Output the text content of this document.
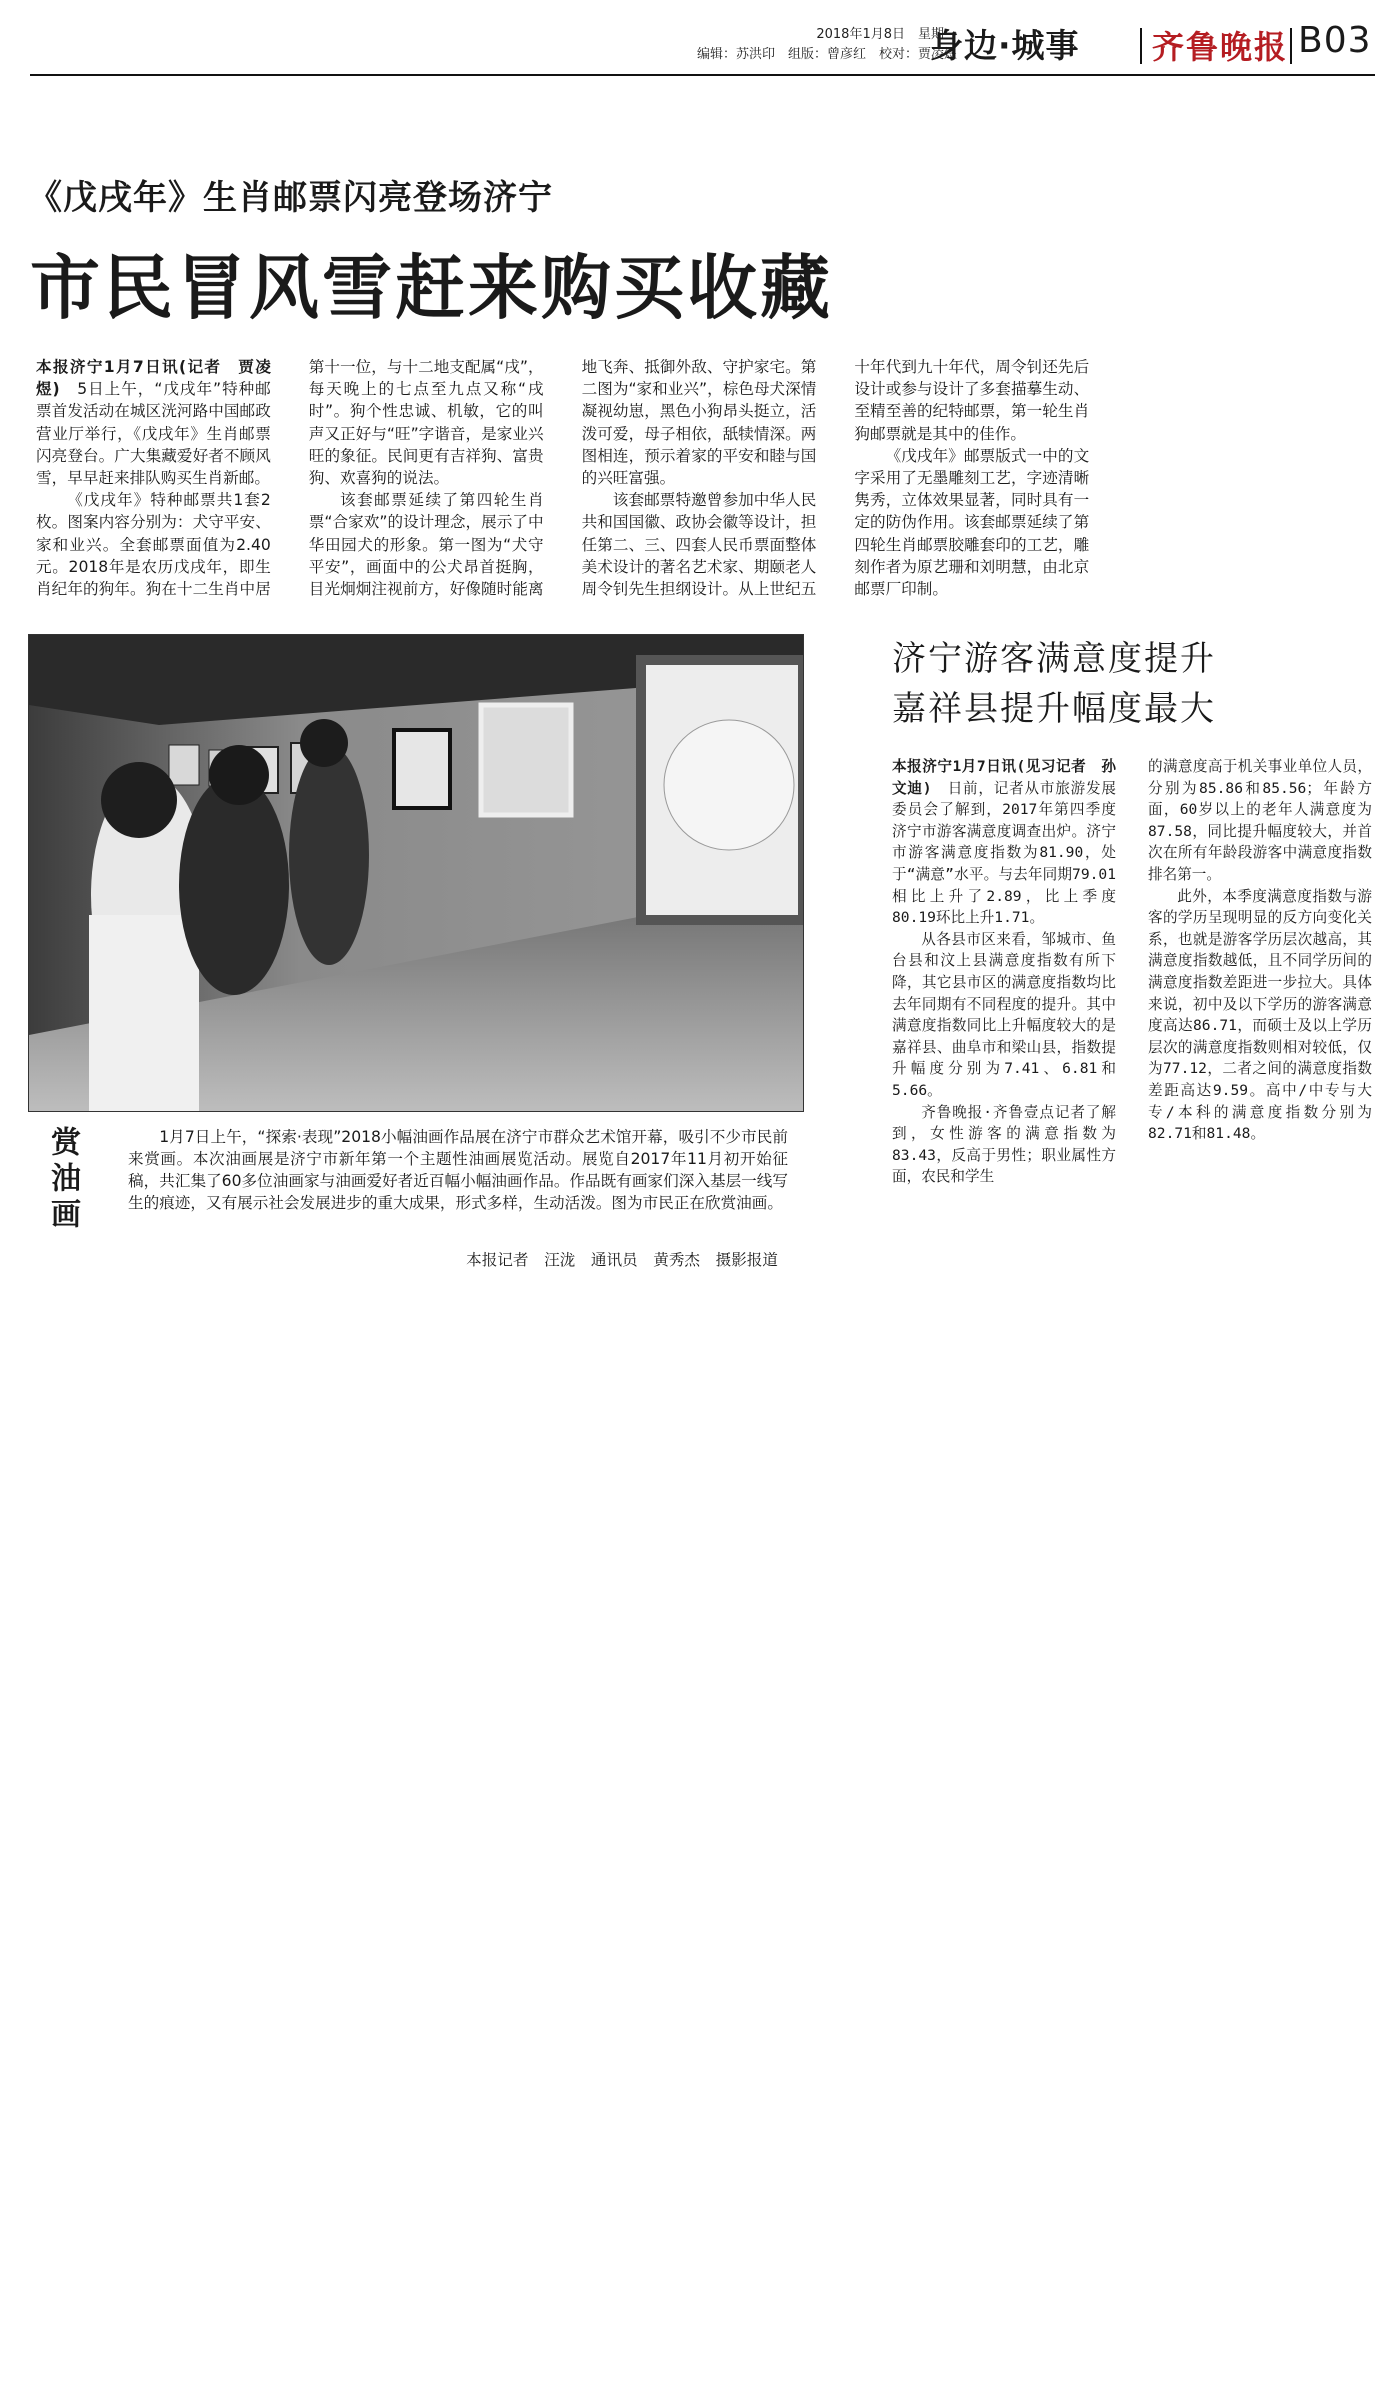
2018年1月8日　星期一
编辑：苏洪印　组版：曾彦红　校对：贾凌煜
身边·城事 齐鲁晚报 B03
《戊戌年》生肖邮票闪亮登场济宁
市民冒风雪赶来购买收藏

本报济宁1月7日讯(记者　贾凌煜)　 5日上午，“戊戌年”特种邮票首发活动在城区洸河路中国邮政营业厅举行，《戊戌年》生肖邮票闪亮登台。广大集藏爱好者不顾风雪，早早赶来排队购买生肖新邮。

《戊戌年》特种邮票共1套2枚。图案内容分别为：犬守平安、家和业兴。全套邮票面值为2.40元。2018年是农历戊戌年，即生肖纪年的狗年。狗在十二生肖中居第十一位，与十二地支配属“戌”，每天晚上的七点至九点又称“戌时”。狗个性忠诚、机敏，它的叫声又正好与“旺”字谐音，是家业兴旺的象征。民间更有吉祥狗、富贵狗、欢喜狗的说法。

该套邮票延续了第四轮生肖票“合家欢”的设计理念，展示了中华田园犬的形象。第一图为“犬守平安”，画面中的公犬昂首挺胸，目光炯炯注视前方，好像随时能离地飞奔、抵御外敌、守护家宅。第二图为“家和业兴”，棕色母犬深情凝视幼崽，黑色小狗昂头挺立，活泼可爱，母子相依，舐犊情深。两图相连，预示着家的平安和睦与国的兴旺富强。

该套邮票特邀曾参加中华人民共和国国徽、政协会徽等设计，担任第二、三、四套人民币票面整体美术设计的著名艺术家、期颐老人周令钊先生担纲设计。从上世纪五十年代到九十年代，周令钊还先后设计或参与设计了多套描摹生动、至精至善的纪特邮票，第一轮生肖狗邮票就是其中的佳作。

《戊戌年》邮票版式一中的文字采用了无墨雕刻工艺，字迹清晰隽秀，立体效果显著，同时具有一定的防伪作用。该套邮票延续了第四轮生肖邮票胶雕套印的工艺，雕刻作者为原艺珊和刘明慧，由北京邮票厂印制。

赏油画	1月7日上午，“探索·表现”2018小幅油画作品展在济宁市群众艺术馆开幕，吸引不少市民前来赏画。本次油画展是济宁市新年第一个主题性油画展览活动。展览自2017年11月初开始征稿，共汇集了60多位油画家与油画爱好者近百幅小幅油画作品。作品既有画家们深入基层一线写生的痕迹，又有展示社会发展进步的重大成果，形式多样，生动活泼。图为市民正在欣赏油画。
本报记者　汪泷　通讯员　黄秀杰　摄影报道
济宁游客满意度提升
嘉祥县提升幅度最大

本报济宁1月7日讯(见习记者　孙文迪)　 日前，记者从市旅游发展委员会了解到，2017年第四季度济宁市游客满意度调查出炉。济宁市游客满意度指数为81.90，处于“满意”水平。与去年同期79.01相比上升了2.89，比上季度80.19环比上升1.71。

从各县市区来看，邹城市、鱼台县和汶上县满意度指数有所下降，其它县市区的满意度指数均比去年同期有不同程度的提升。其中满意度指数同比上升幅度较大的是嘉祥县、曲阜市和梁山县，指数提升幅度分别为7.41、6.81和5.66。

齐鲁晚报·齐鲁壹点记者了解到，女性游客的满意指数为83.43，反高于男性；职业属性方面，农民和学生

的满意度高于机关事业单位人员，分别为85.86和85.56；年龄方面，60岁以上的老年人满意度为87.58，同比提升幅度较大，并首次在所有年龄段游客中满意度指数排名第一。

此外，本季度满意度指数与游客的学历呈现明显的反方向变化关系，也就是游客学历层次越高，其满意度指数越低，且不同学历间的满意度指数差距进一步拉大。具体来说，初中及以下学历的游客满意度高达86.71，而硕士及以上学历层次的满意度指数则相对较低，仅为77.12，二者之间的满意度指数差距高达9.59。高中/中专与大专/本科的满意度指数分别为82.71和81.48。
